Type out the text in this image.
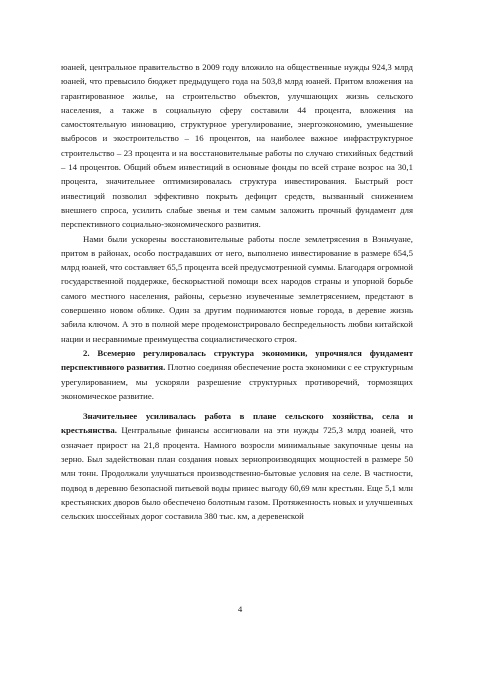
юаней, центральное правительство в 2009 году вложило на общественные нужды 924,3 млрд юаней, что превысило бюджет предыдущего года на 503,8 млрд юаней. Притом вложения на гарантированное жилье, на строительство объектов, улучшающих жизнь сельского населения, а также в социальную сферу составили 44 процента, вложения на самостоятельную инновацию, структурное урегулирование, энергоэкономию, уменьшение выбросов и экостроительство – 16 процентов, на наиболее важное инфраструктурное строительство – 23 процента и на восстановительные работы по случаю стихийных бедствий – 14 процентов. Общий объем инвестиций в основные фонды по всей стране возрос на 30,1 процента, значительнее оптимизировалась структура инвестирования. Быстрый рост инвестиций позволил эффективно покрыть дефицит средств, вызванный снижением внешнего спроса, усилить слабые звенья и тем самым заложить прочный фундамент для перспективного социально-экономического развития.

Нами были ускорены восстановительные работы после землетрясения в Вэньчуане, притом в районах, особо пострадавших от него, выполнено инвестирование в размере 654,5 млрд юаней, что составляет 65,5 процента всей предусмотренной суммы. Благодаря огромной государственной поддержке, бескорыстной помощи всех народов страны и упорной борьбе самого местного населения, районы, серьезно изувеченные землетрясением, предстают в совершенно новом облике. Один за другим поднимаются новые города, в деревне жизнь забила ключом. А это в полной мере продемонстрировало беспредельность любви китайской нации и несравнимые преимущества социалистического строя.

2. Всемерно регулировалась структура экономики, упрочнялся фундамент перспективного развития. Плотно соединяя обеспечение роста экономики с ее структурным урегулированием, мы ускоряли разрешение структурных противоречий, тормозящих экономическое развитие.

Значительнее усиливалась работа в плане сельского хозяйства, села и крестьянства. Центральные финансы ассигновали на эти нужды 725,3 млрд юаней, что означает прирост на 21,8 процента. Намного возросли минимальные закупочные цены на зерно. Был задействован план создания новых зернопроизводящих мощностей в размере 50 млн тонн. Продолжали улучшаться производственно-бытовые условия на селе. В частности, подвод в деревню безопасной питьевой воды принес выгоду 60,69 млн крестьян. Еще 5,1 млн крестьянских дворов было обеспечено болотным газом. Протяженность новых и улучшенных сельских шоссейных дорог составила 380 тыс. км, а деревенской

4
